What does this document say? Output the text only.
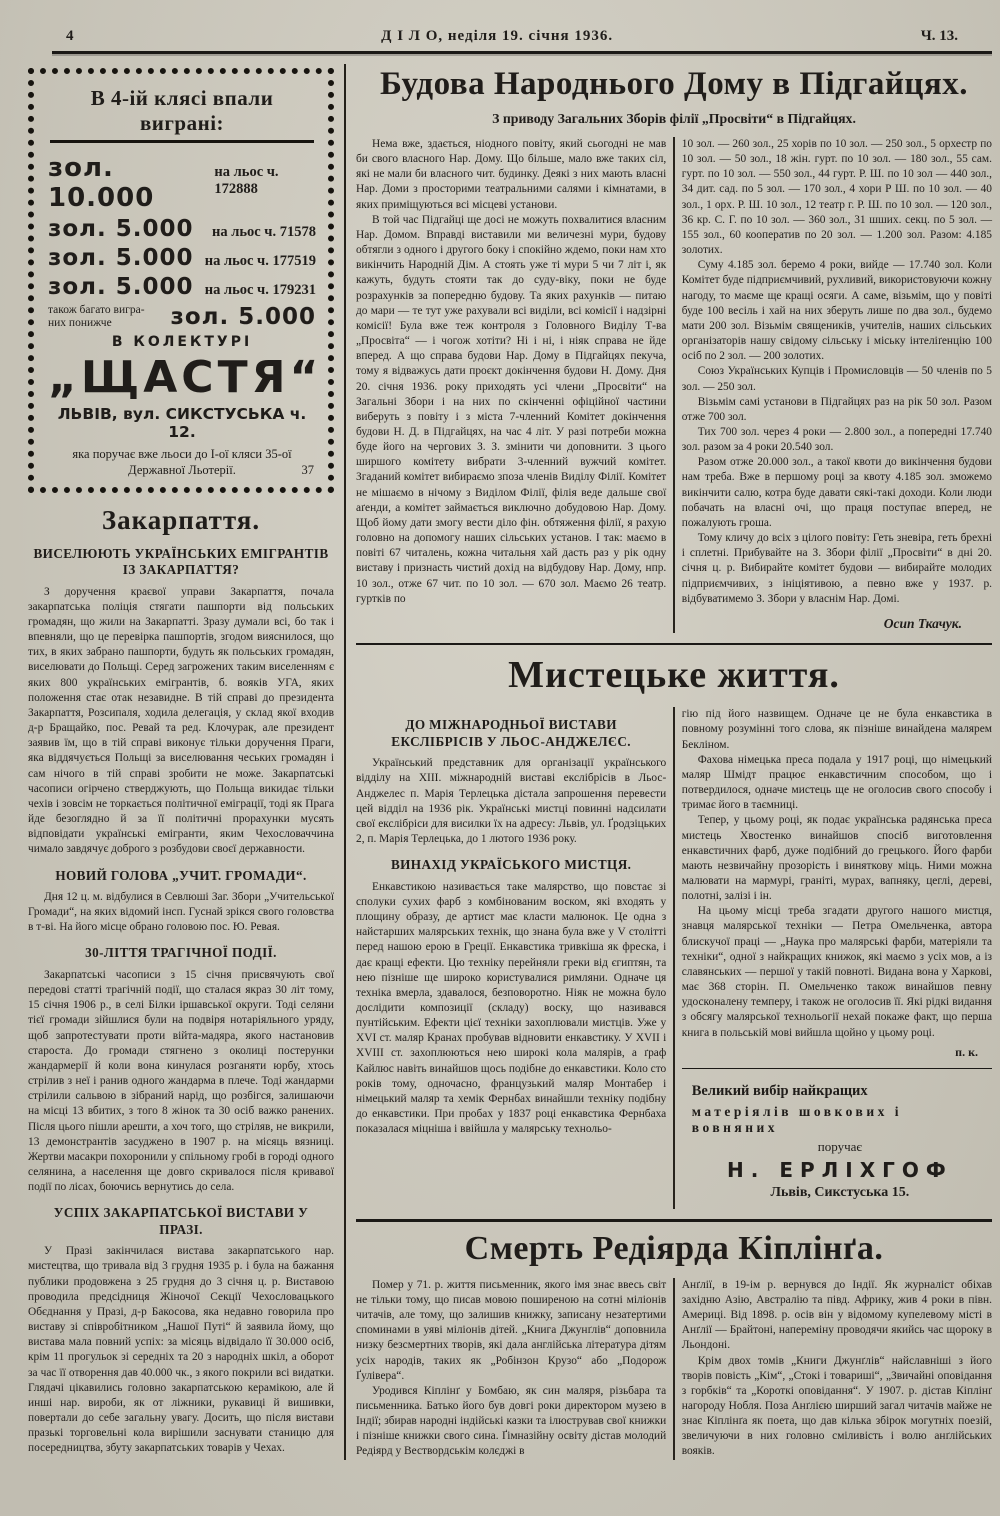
4	Д І Л О, неділя 19. січня 1936.	Ч. 13.
В 4-ій клясі впали виграні:
зол. 10.000
на льос ч. 172888
зол. 5.000 на льос ч. 71578
зол. 5.000 на льос ч. 177519
зол. 5.000 на льос ч. 179231
також багато виграних понижче	зол. 5.000
В КОЛЕКТУРІ
„ЩАСТЯ“
ЛЬВІВ, вул. СИКСТУСЬКА ч. 12.
яка поручає вже льоси до І-ої кляси 35-ої Державної Льотерії.	37
Закарпаття.
ВИСЕЛЮЮТЬ УКРАЇНСЬКИХ ЕМІГРАНТІВ ІЗ ЗАКАРПАТТЯ?

З доручення краєвої управи Закарпаття, почала закарпатська поліція стягати пашпорти від польських громадян, що жили на Закарпатті. Зразу думали всі, бо так і впевняли, що це перевірка пашпортів, згодом вияснилося, що тих, в яких забрано пашпорти, будуть як польських громадян, виселювати до Польщі. Серед загрожених таким виселенням є яких 800 українських емігрантів, б. вояків УГА, яких положення стає отак незавидне. В тій справі до президента Закарпаття, Розсипаля, ходила делегація, у склад якої входив д-р Бращайко, пос. Ревай та ред. Клочурак, але президент заявив їм, що в тій справі виконує тільки доручення Праги, яка віддячується Польщі за виселювання чеських громадян і сам нічого в тій справі зробити не може. Закарпатські часописи огірчено стверджують, що Польща викидає тільки чехів і зовсім не торкається політичної еміграції, тоді як Прага йде безоглядно й за її політичні прорахунки мусять відповідати українські емігранти, яким Чехословаччина чимало завдячує доброго з розбудови своєї державности.

НОВИЙ ГОЛОВА „УЧИТ. ГРОМАДИ“.

Дня 12 ц. м. відбулися в Севлюші Заг. Збори „Учительської Громади“, на яких відомий інсп. Гуснай зрікся свого головства в т-ві. На його місце обрано головою пос. Ю. Ревая.

30-ЛІТТЯ ТРАГІЧНОЇ ПОДІЇ.

Закарпатські часописи з 15 січня присвячують свої передові статті трагічній події, що сталася якраз 30 літ тому, 15 січня 1906 р., в селі Білки іршавської округи. Тоді селяни тієї громади зійшлися були на подвіря нотаріяльного уряду, щоб запротестувати проти війта-мадяра, якого настановив староста. До громади стягнено з околиці постерунки жандармерії й коли вона кинулася розганяти юрбу, хтось стрілив з неї і ранив одного жандарма в плече. Тоді жандарми стрілили сальвою в зібраний нарід, що розбігся, залишаючи на місці 13 вбитих, з того 8 жінок та 30 осіб важко ранених. Після цього пішли арешти, а хоч того, що стріляв, не викрили, 13 демонстрантів засуджено в 1907 р. на місяць вязниці. Жертви масакри похоронили у спільному гробі в городі одного селянина, а населення ще довго скривалося після кривавої події по лісах, боючись вернутись до села.

УСПІХ ЗАКАРПАТСЬКОЇ ВИСТАВИ У ПРАЗІ.

У Празі закінчилася вистава закарпатського нар. мистецтва, що тривала від 3 грудня 1935 р. і була на бажання публики продовжена з 25 грудня до 3 січня ц. р. Виставою проводила предсідниця Жіночої Секції Чехословацького Обєднання у Празі, д-р Бакосова, яка недавно говорила про виставу зі співробітником „Нашої Путі“ й заявила йому, що вистава мала повний успіх: за місяць відвідало її 30.000 осіб, крім 11 прогульок зі середніх та 20 з народніх шкіл, а оборот за час її отворення дав 40.000 чк., з якого покрили всі видатки. Глядачі цікавились головно закарпатською керамікою, але й инші нар. вироби, як от ліжники, рукавиці й вишивки, повертали до себе загальну увагу. Досить, що після вистави празькі торговельні кола вирішили заснувати станицю для посередництва, збуту закарпатських товарів у Чехах.

Будова Народнього Дому в Підгайцях.
З приводу Загальних Зборів філії „Просвіти“ в Підгайцях.

Нема вже, здається, ніодного повіту, який сьогодні не мав би свого власного Нар. Дому. Що більше, мало вже таких сіл, які не мали би власного чит. будинку. Деякі з них мають власні Нар. Доми з просторими театральними салями і кімнатами, в яких приміщуються всі місцеві установи.

В той час Підгайці ще досі не можуть похвалитися власним Нар. Домом. Вправді виставили ми величезні мури, будову обтягли з одного і другого боку і спокійно ждемо, поки нам хто викінчить Народній Дім. А стоять уже ті мури 5 чи 7 літ і, як кажуть, будуть стояти так до суду-віку, поки не буде розрахунків за попередню будову. Та яких рахунків — питаю до мари — те тут уже рахували всі виділи, всі комісії і надзірні комісії! Була вже теж контроля з Головного Виділу Т-ва „Просвіта“ — і чогож хотіти? Ні і ні, і ніяк справа не йде вперед. А що справа будови Нар. Дому в Підгайцях пекуча, тому я відважусь дати проєкт докінчення будови Н. Дому. Дня 20. січня 1936. року приходять усі члени „Просвіти“ на Загальні Збори і на них по скінченні офіційної частини виберуть з повіту і з міста 7-членний Комітет докінчення будови Н. Д. в Підгайцях, на час 4 літ. У разі потреби можна буде його на чергових З. З. змінити чи доповнити. З цього ширшого комітету вибрати 3-членний вужчий комітет. Згаданий комітет вибираємо зпоза членів Виділу Філії. Комітет не мішаємо в нічому з Виділом Філії, філія веде дальше свої аґенди, а комітет займається виключно добудовою Нар. Дому. Щоб йому дати змогу вести діло фін. обтяження філії, я рахую головно на допомогу наших сільських установ. І так: маємо в повіті 67 читалень, кожна читальня хай дасть раз у рік одну виставу і признасть чистий дохід на відбудову Нар. Дому, нпр. 10 зол., отже 67 чит. по 10 зол. — 670 зол. Маємо 26 театр. гуртків по

10 зол. — 260 зол., 25 хорів по 10 зол. — 250 зол., 5 орхестр по 10 зол. — 50 зол., 18 жін. гурт. по 10 зол. — 180 зол., 55 сам. гурт. по 10 зол. — 550 зол., 44 гурт. Р. Ш. по 10 зол — 440 зол., 34 дит. сад. по 5 зол. — 170 зол., 4 хори Р Ш. по 10 зол. — 40 зол., 1 орх. Р. Ш. 10 зол., 12 театр г. Р. Ш. по 10 зол. — 120 зол., 36 кр. С. Г. по 10 зол. — 360 зол., 31 шших. секц. по 5 зол. — 155 зол., 60 кооператив по 20 зол. — 1.200 зол. Разом: 4.185 золотих.

Суму 4.185 зол. беремо 4 роки, вийде — 17.740 зол. Коли Комітет буде підприємчивий, рухливий, використовуючи кожну нагоду, то маєме ще кращі осяги. А саме, візьмім, що у повіті буде 100 весіль і хай на них зберуть лише по два зол., будемо мати 200 зол. Візьмім священиків, учителів, наших сільських організаторів нашу свідому сільську і міську інтеліґенцію 100 осіб по 2 зол. — 200 золотих.

Союз Українських Купців і Промисловців — 50 членів по 5 зол. — 250 зол.

Візьмім самі установи в Підгайцях раз на рік 50 зол. Разом отже 700 зол.

Тих 700 зол. через 4 роки — 2.800 зол., а попередні 17.740 зол. разом за 4 роки 20.540 зол.

Разом отже 20.000 зол., а такої квоти до викінчення будови нам треба. Вже в першому році за квоту 4.185 зол. зможемо викінчити салю, котра буде давати сякі-такі доходи. Коли люди побачать на власні очі, що праця поступає вперед, не пожалують гроша.

Тому кличу до всіх з цілого повіту: Геть зневіра, геть брехні і сплетні. Прибувайте на З. Збори філії „Просвіти“ в дні 20. січня ц. р. Вибирайте комітет будови — вибирайте молодих підприємчивих, з ініціятивою, а певно вже у 1937. р. відбуватимемо З. Збори у власнім Нар. Домі.

Осип Ткачук.
Мистецьке життя.
ДО МІЖНАРОДНЬОЇ ВИСТАВИ ЕКСЛІБРІСІВ У ЛЬОС-АНДЖЕЛЄС.

Український представник для організації українського відділу на XIII. міжнародній виставі екслібрісів в Льос-Анджелес п. Марія Терлецька дістала запрошення перевести цей відділ на 1936 рік. Українські мистці повинні надсилати свої екслібріси для висилки їх на адресу: Львів, ул. Ґродзіцьких 2, п. Марія Терлецька, до 1 лютого 1936 року.

ВИНАХІД УКРАЇСЬКОГО МИСТЦЯ.

Енкавстикою називається таке малярство, що повстає зі сполуки сухих фарб з комбінованим воском, які входять у площину образу, де артист має класти малюнок. Це одна з найстарших малярських технік, що знана була вже у V столітті перед нашою ерою в Греції. Енкавстика тривкіша як фреска, і дає кращі ефекти. Цю техніку перейняли греки від єгиптян, та нею пізніше ще широко користувалися римляни. Одначе ця техніка вмерла, здавалося, безповоротно. Ніяк не можна було дослідити композиції (складу) воску, що називався пунтійським. Ефекти цієї техніки захоплювали мистців. Уже у XVI ст. маляр Кранах пробував відновити енкавстику. У XVII і XVIII ст. захоплюються нею широкі кола малярів, а ґраф Кайлюс навіть винайшов щось подібне до енкавстики. Коло сто років тому, одночасно, французький маляр Монтабер і німецький маляр та хемік Фернбах винайшли техніку подібну до енкавстики. При пробах у 1837 році енкавстика Фернбаха показалася міцніша і ввійшла у малярську технольо-

гію під його назвищем. Одначе це не була енкавстика в повному розумінні того слова, як пізніше винайдена малярем Бекліном.

Фахова німецька преса подала у 1917 році, що німецький маляр Шмідт працює енкавстичним способом, що і потвердилося, одначе мистець ще не оголосив свого способу і тримає його в таємниці.

Тепер, у цьому році, як подає українська радянська преса мистець Хвостенко винайшов спосіб виготовлення енкавстичних фарб, дуже подібний до грецького. Його фарби мають незвичайну прозорість і виняткову міць. Ними можна малювати на мармурі, граніті, мурах, вапняку, цеглі, дереві, полотні, залізі і ін.

На цьому місці треба згадати другого нашого мистця, знавця малярської техніки — Петра Омельченка, автора блискучої праці — „Наука про малярські фарби, матеріяли та техніки“, одної з найкращих книжок, які маємо з усіх мов, а із славянських — першої у такій повноті. Видана вона у Харкові, має 368 сторін. П. Омельченко також винайшов певну удосконалену темперу, і також не оголосив її. Які рідкі видання з обсягу малярської технольогії нехай покаже факт, що перша книга в польській мові вийшла щойно у цьому році.

п. к.
Великий вибір найкращих
матеріялів шовкових і вовняних
поручає
Н. ЕРЛІХГОФ
Львів, Сикстуська 15.
Смерть Редіярда Кіплінґа.

Помер у 71. р. життя письменник, якого імя знає ввесь світ не тільки тому, що писав мовою поширеною на сотні міліонів читачів, але тому, що залишив книжку, записану незатертими споминами в уяві міліонів дітей. „Книга Джунґлів“ доповнила низку безсмертних творів, які дала англійська література дітям усіх народів, таких як „Робінзон Крузо“ або „Подорож Ґулівера“.

Уродився Кіплінґ у Бомбаю, як син маляря, різьбара та письменника. Батько його був довгі роки директором музею в Індії; збирав народні індійські казки та ілюстрував свої книжки і пізніше книжки свого сина. Ґімназійну освіту дістав молодий Редіярд у Вествордськім колєджі в

Анґлії, в 19-ім р. вернувся до Індії. Як журналіст обіхав західню Азію, Австралію та півд. Африку, жив 4 роки в півн. Америці. Від 1898. р. осів він у відомому купелевому місті в Анґлії — Брайтоні, напереміну проводячи якийсь час щороку в Льондоні.

Крім двох томів „Книги Джунґлів“ найславніші з його творів повість „Кім“, „Стокі і товариші“, „Звичайні оповідання з горбків“ та „Короткі оповідання“. У 1907. р. дістав Кіплінґ нагороду Нобля. Поза Анґлією ширший загал читачів майже не знає Кіплінґа як поета, що дав кілька збірок могутніх поезій, звеличуючи в них головно сміливість і волю анґлійських вояків.
